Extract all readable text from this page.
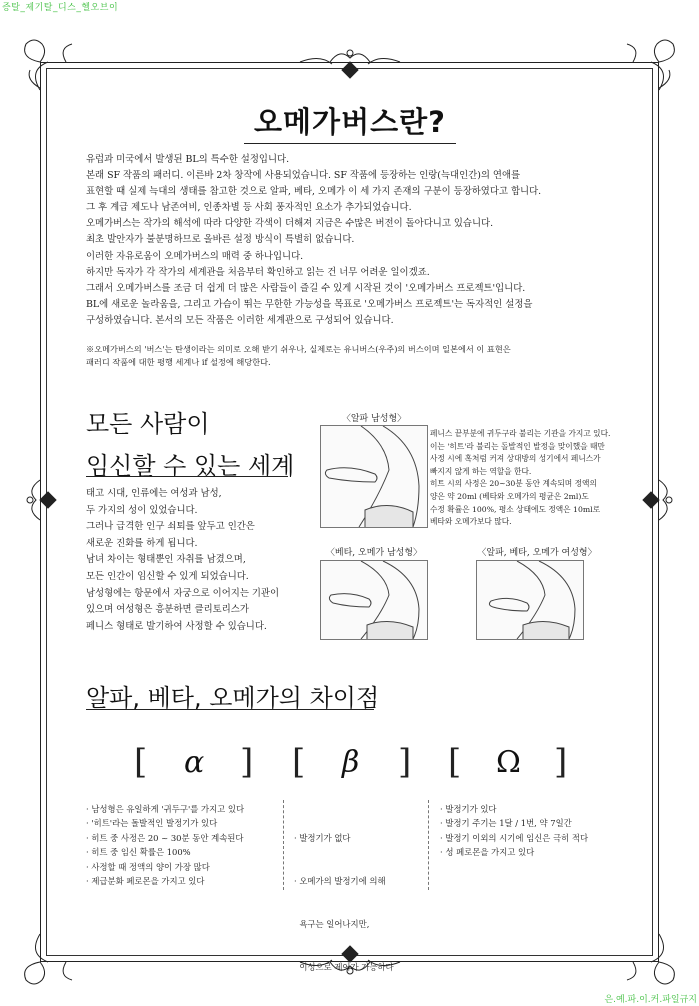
증탈_제기탈_디스_헬오브이
은.예.파.이.커.파일규지
오메가버스란?
유럽과 미국에서 발생된 BL의 특수한 설정입니다.
본래 SF 작품의 패러디. 이른바 2차 창작에 사용되었습니다. SF 작품에 등장하는 인랑(늑대인간)의 연애를
표현할 때 실제 늑대의 생태를 참고한 것으로 알파, 베타, 오메가 이 세 가지 존재의 구분이 등장하였다고 합니다.
그 후 계급 제도나 남존여비, 인종차별 등 사회 풍자적인 요소가 추가되었습니다.
오메가버스는 작가의 해석에 따라 다양한 각색이 더해져 지금은 수많은 버전이 돌아다니고 있습니다.
최초 발안자가 불분명하므로 올바른 설정 방식이 특별히 없습니다.
이러한 자유로움이 오메가버스의 매력 중 하나입니다.
하지만 독자가 각 작가의 세계관을 처음부터 확인하고 읽는 건 너무 어려운 일이겠죠.
그래서 오메가버스를 조금 더 쉽게 더 많은 사람들이 즐길 수 있게 시작된 것이 '오메가버스 프로젝트'입니다.
BL에 새로운 놀라움을, 그리고 가슴이 뛰는 무한한 가능성을 목표로 '오메가버스 프로젝트'는 독자적인 설정을
구성하였습니다. 본서의 모든 작품은 이러한 세계관으로 구성되어 있습니다.
※오메가버스의 '버스'는 탄생이라는 의미로 오해 받기 쉬우나, 실제로는 유니버스(우주)의 버스이며 일본에서 이 표현은
패러디 작품에 대한 평행 세계나 if 설정에 해당한다.
모든 사람이
임신할 수 있는 세계
태고 시대, 인류에는 여성과 남성,
두 가지의 성이 있었습니다.
그러나 급격한 인구 쇠퇴를 앞두고 인간은
새로운 진화를 하게 됩니다.
남녀 차이는 형태뿐인 자취를 남겼으며,
모든 인간이 임신할 수 있게 되었습니다.
남성형에는 항문에서 자궁으로 이어지는 기관이
있으며 여성형은 흥분하면 클리토리스가
페니스 형태로 발기하여 사정할 수 있습니다.
〈알파 남성형〉
페니스 끝부분에 귀두구라 불리는 기관을 가지고 있다.
이는 '히트'라 불리는 돌발적인 발정을 맞이했을 때만
사정 시에 혹처럼 커져 상대방의 성기에서 페니스가
빠지지 않게 하는 역할을 한다.
히트 시의 사정은 20~30분 동안 계속되며 정액의
양은 약 20ml (베타와 오메가의 평균은 2ml)도
수정 확률은 100%, 평소 상태에도 정액은 10ml로
베타와 오메가보다 많다.
〈베타, 오메가 남성형〉	〈알파, 베타, 오메가 여성형〉
알파, 베타, 오메가의 차이점
[ α ] [ β ] [ Ω ]
· 남성형은 유일하게 '귀두구'를 가지고 있다
· '히트'라는 돌발적인 발정기가 있다
· 히트 중 사정은 20 ~ 30분 동안 계속된다
· 히트 중 임신 확률은 100%
· 사정할 때 정액의 양이 가장 많다
· 제급분화 페로몬을 가지고 있다

· 발정기가 없다

· 오메가의 발정기에 의해

욕구는 일어나지만,

이성으로 제어가 가능하다

· 발정기가 있다
· 발정기 주기는 1달 / 1번, 약 7일간
· 발정기 이외의 시기에 임신은 극히 적다
· 성 페로몬을 가지고 있다
